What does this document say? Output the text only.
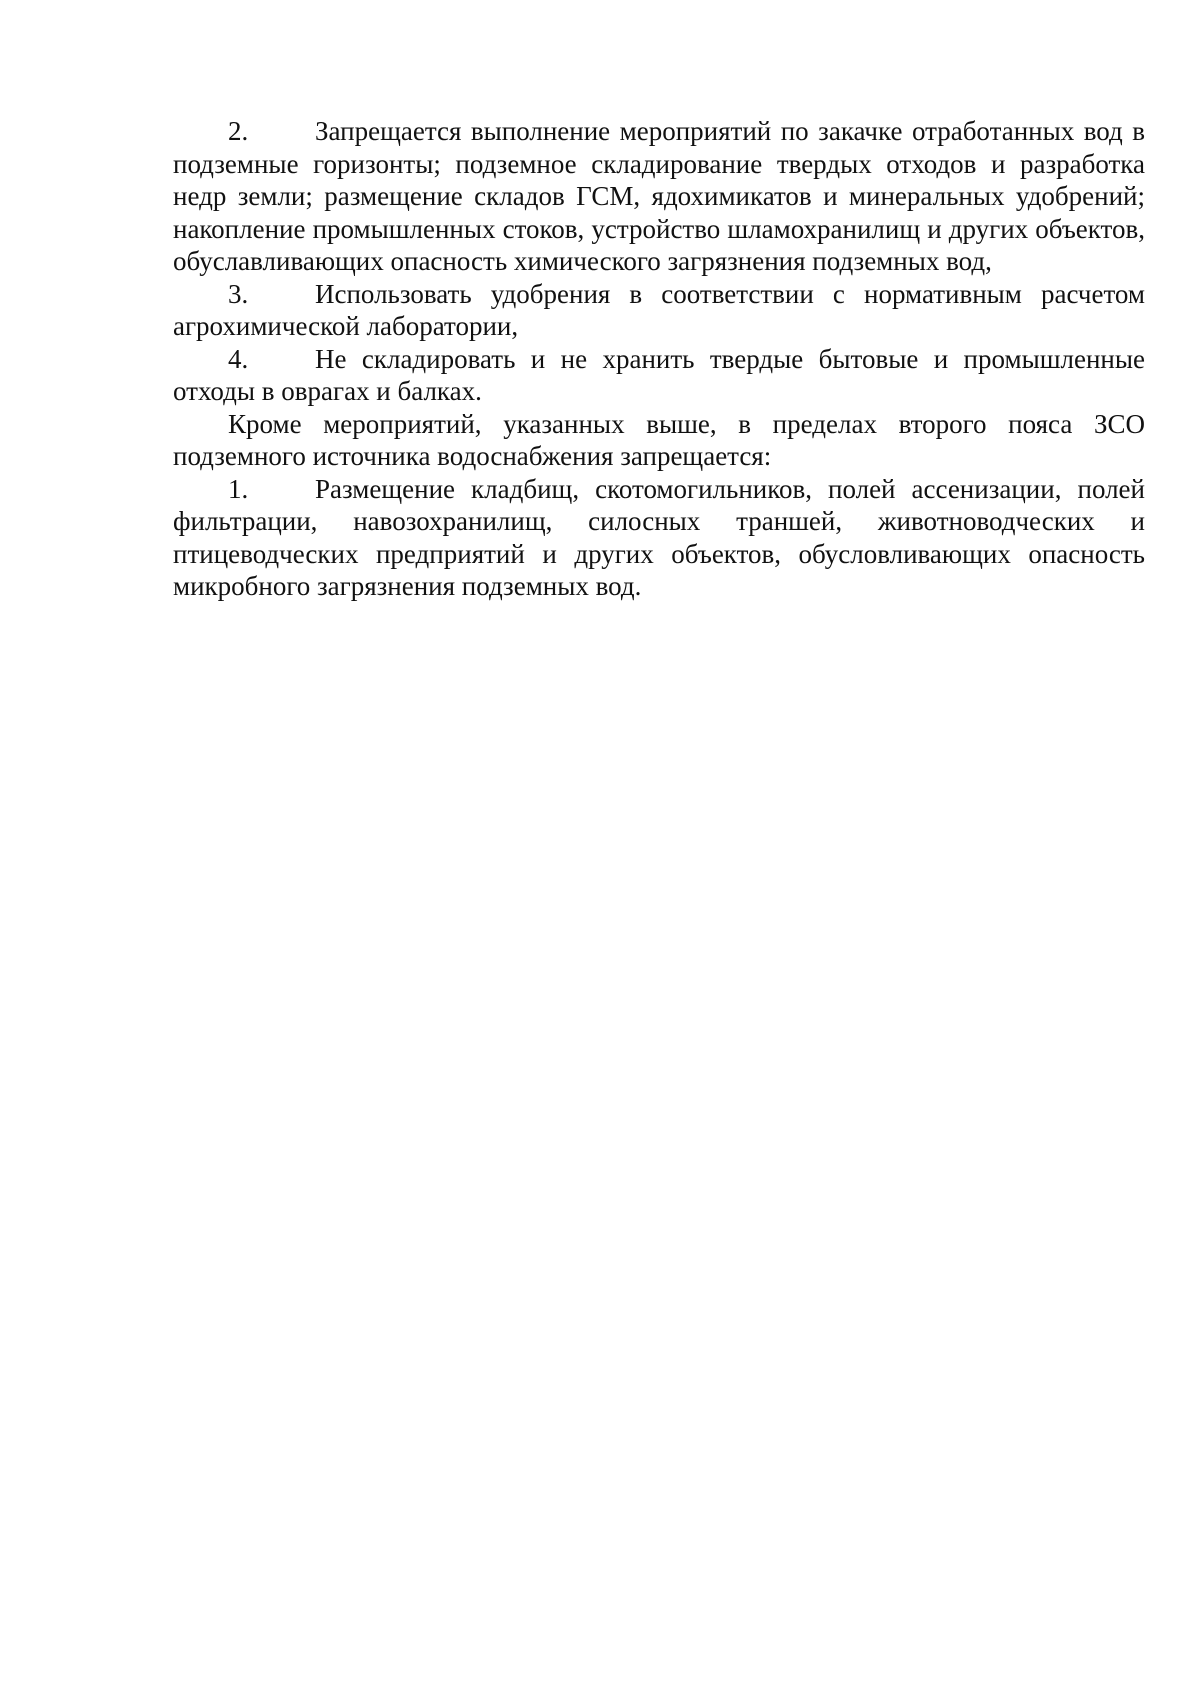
2. Запрещается выполнение мероприятий по закачке отработанных вод в подземные горизонты; подземное складирование твердых отходов и разработка недр земли; размещение складов ГСМ, ядохимикатов и минеральных удобрений; накопление промышленных стоков, устройство шламохранилищ и других объектов, обуславливающих опасность химического загрязнения подземных вод,

3. Использовать удобрения в соответствии с нормативным расчетом агрохимической лаборатории,

4. Не складировать и не хранить твердые бытовые и промышленные отходы в оврагах и балках.

Кроме мероприятий, указанных выше, в пределах второго пояса ЗСО подземного источника водоснабжения запрещается:

1. Размещение кладбищ, скотомогильников, полей ассенизации, полей фильтрации, навозохранилищ, силосных траншей, животноводческих и птицеводческих предприятий и других объектов, обусловливающих опасность микробного загрязнения подземных вод.
